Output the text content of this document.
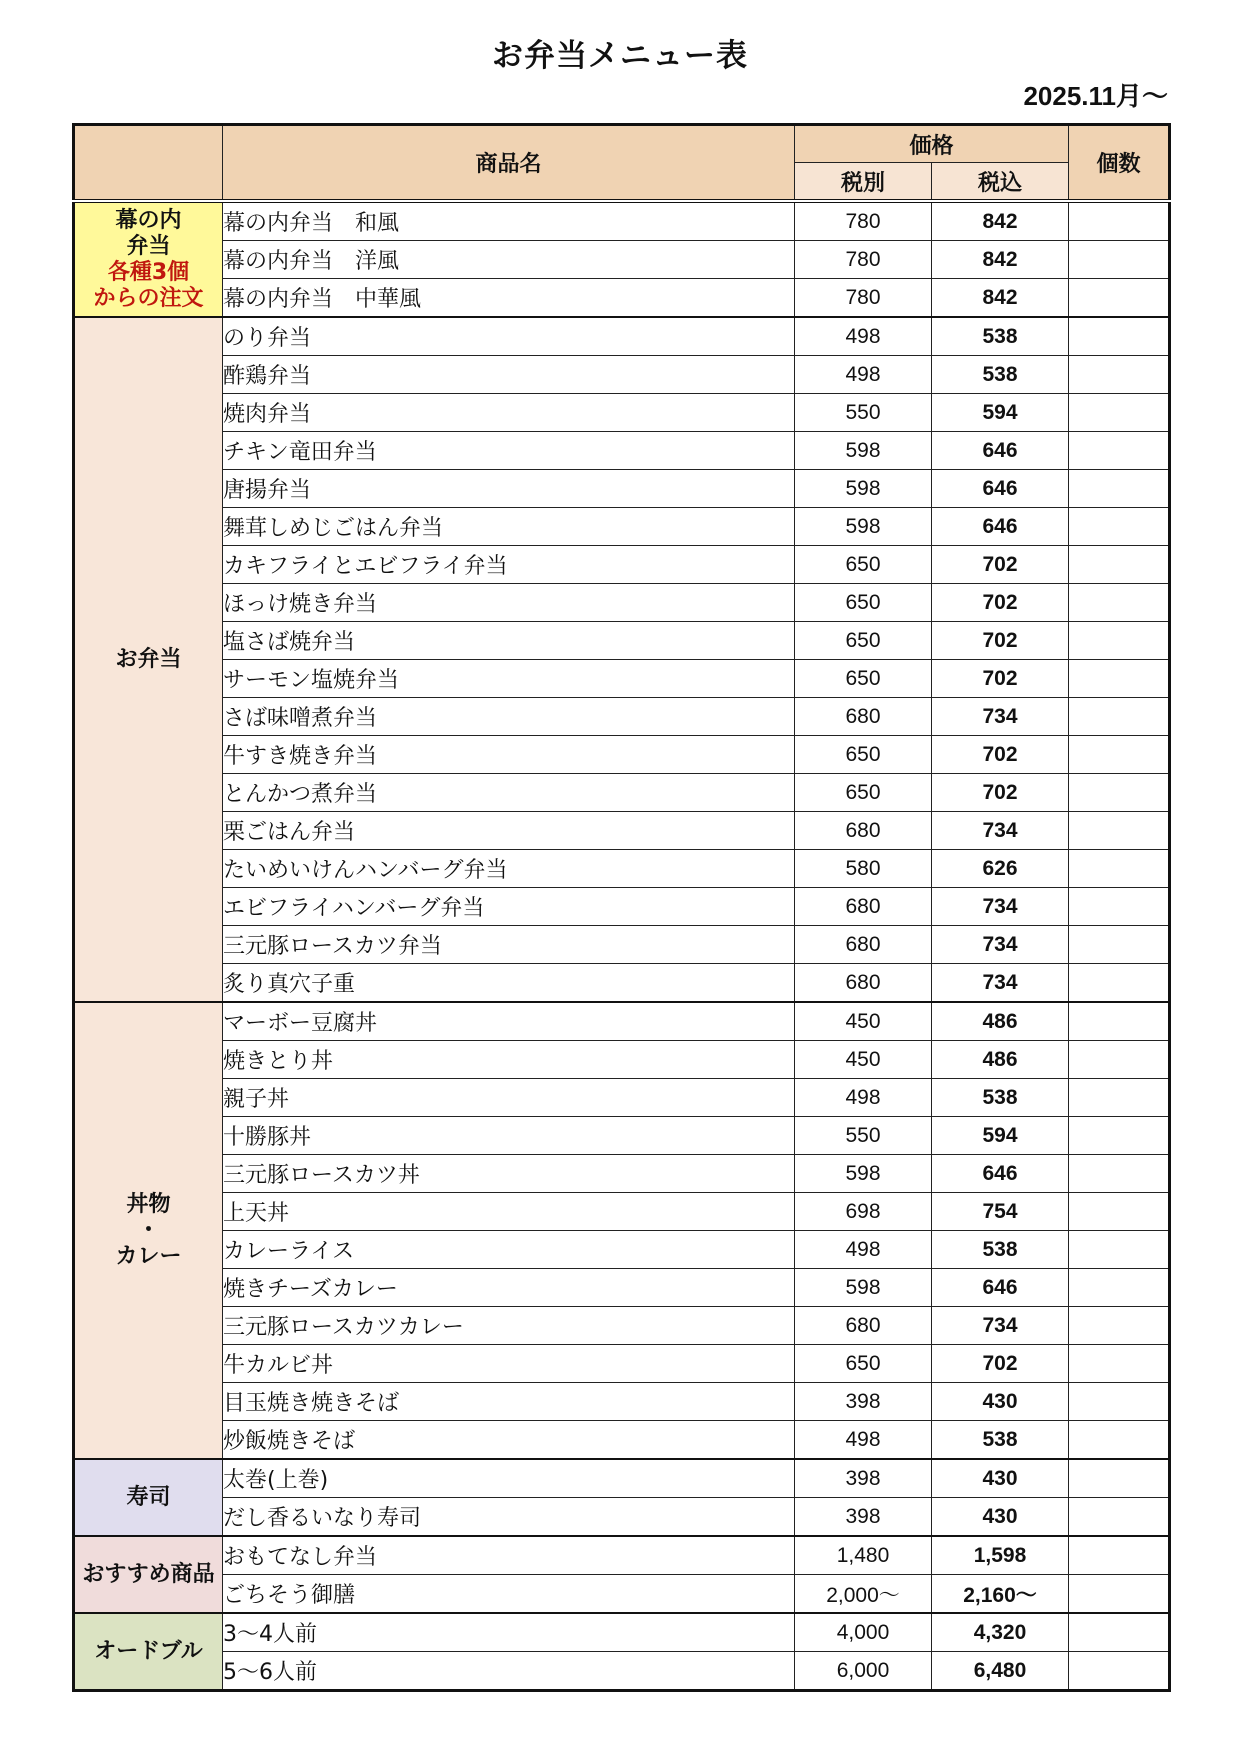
お弁当メニュー表
2025.11月～
	商品名	価格		個数
		税別	税込	

幕の内
弁当
各種3個
からの注文	幕の内弁当　和風	780	842	
	幕の内弁当　洋風	780	842	
	幕の内弁当　中華風	780	842	

お弁当	のり弁当	498	538	
	酢鶏弁当	498	538	
	焼肉弁当	550	594	
	チキン竜田弁当	598	646	
	唐揚弁当	598	646	
	舞茸しめじごはん弁当	598	646	
	カキフライとエビフライ弁当	650	702	
	ほっけ焼き弁当	650	702	
	塩さば焼弁当	650	702	
	サーモン塩焼弁当	650	702	
	さば味噌煮弁当	680	734	
	牛すき焼き弁当	650	702	
	とんかつ煮弁当	650	702	
	栗ごはん弁当	680	734	
	たいめいけんハンバーグ弁当	580	626	
	エビフライハンバーグ弁当	680	734	
	三元豚ロースカツ弁当	680	734	
	炙り真穴子重	680	734	

丼物
・
カレー	マーボー豆腐丼	450	486	
	焼きとり丼	450	486	
	親子丼	498	538	
	十勝豚丼	550	594	
	三元豚ロースカツ丼	598	646	
	上天丼	698	754	
	カレーライス	498	538	
	焼きチーズカレー	598	646	
	三元豚ロースカツカレー	680	734	
	牛カルビ丼	650	702	
	目玉焼き焼きそば	398	430	
	炒飯焼きそば	498	538	

寿司	太巻(上巻)	398	430	
	だし香るいなり寿司	398	430	

おすすめ商品	おもてなし弁当	1,480	1,598	
	ごちそう御膳	2,000～	2,160～	

オードブル	3～4人前	4,000	4,320	
	5～6人前	6,000	6,480	
